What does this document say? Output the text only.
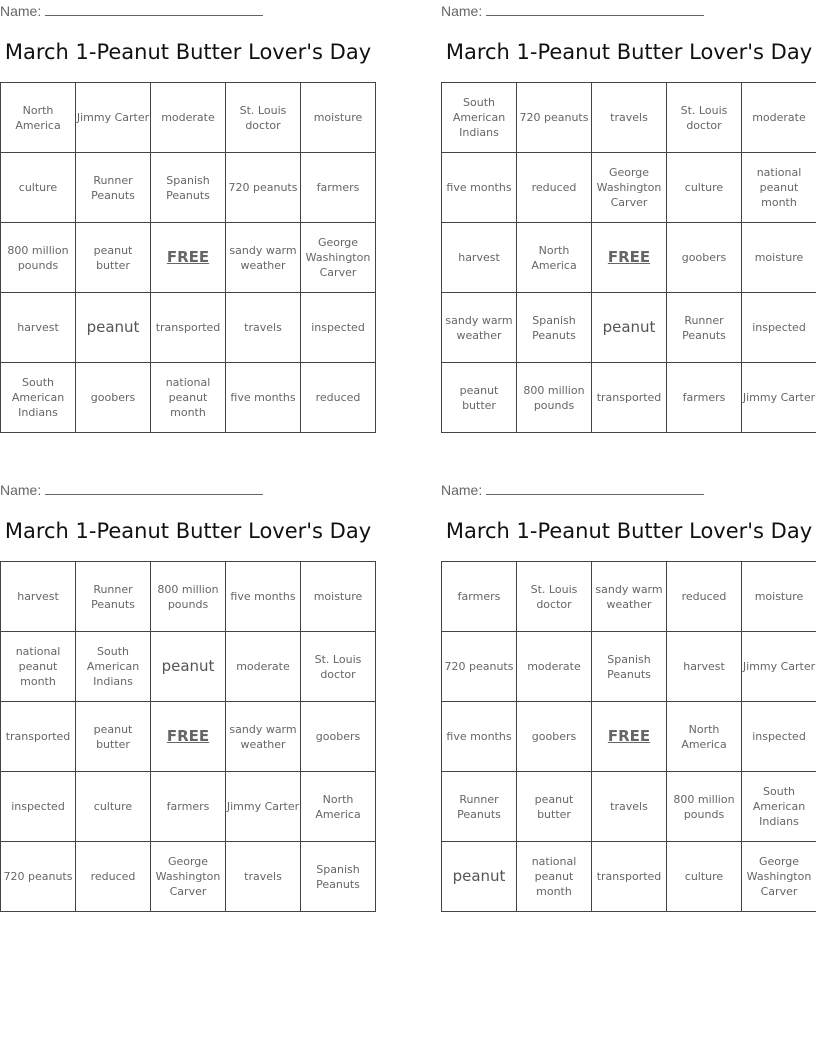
Name:
March 1-Peanut Butter Lover's Day
North America	Jimmy Carter	moderate	St. Louis doctor	moisture
culture	Runner Peanuts	Spanish Peanuts	720 peanuts	farmers
800 million pounds	peanut butter	FREE	sandy warm weather	George Washington Carver
harvest	peanut	transported	travels	inspected
South American Indians	goobers	national peanut month	five months	reduced
Name:
March 1-Peanut Butter Lover's Day
South American Indians	720 peanuts	travels	St. Louis doctor	moderate
five months	reduced	George Washington Carver	culture	national peanut month
harvest	North America	FREE	goobers	moisture
sandy warm weather	Spanish Peanuts	peanut	Runner Peanuts	inspected
peanut butter	800 million pounds	transported	farmers	Jimmy Carter
Name:
March 1-Peanut Butter Lover's Day
harvest	Runner Peanuts	800 million pounds	five months	moisture
national peanut month	South American Indians	peanut	moderate	St. Louis doctor
transported	peanut butter	FREE	sandy warm weather	goobers
inspected	culture	farmers	Jimmy Carter	North America
720 peanuts	reduced	George Washington Carver	travels	Spanish Peanuts
Name:
March 1-Peanut Butter Lover's Day
farmers	St. Louis doctor	sandy warm weather	reduced	moisture
720 peanuts	moderate	Spanish Peanuts	harvest	Jimmy Carter
five months	goobers	FREE	North America	inspected
Runner Peanuts	peanut butter	travels	800 million pounds	South American Indians
peanut	national peanut month	transported	culture	George Washington Carver
